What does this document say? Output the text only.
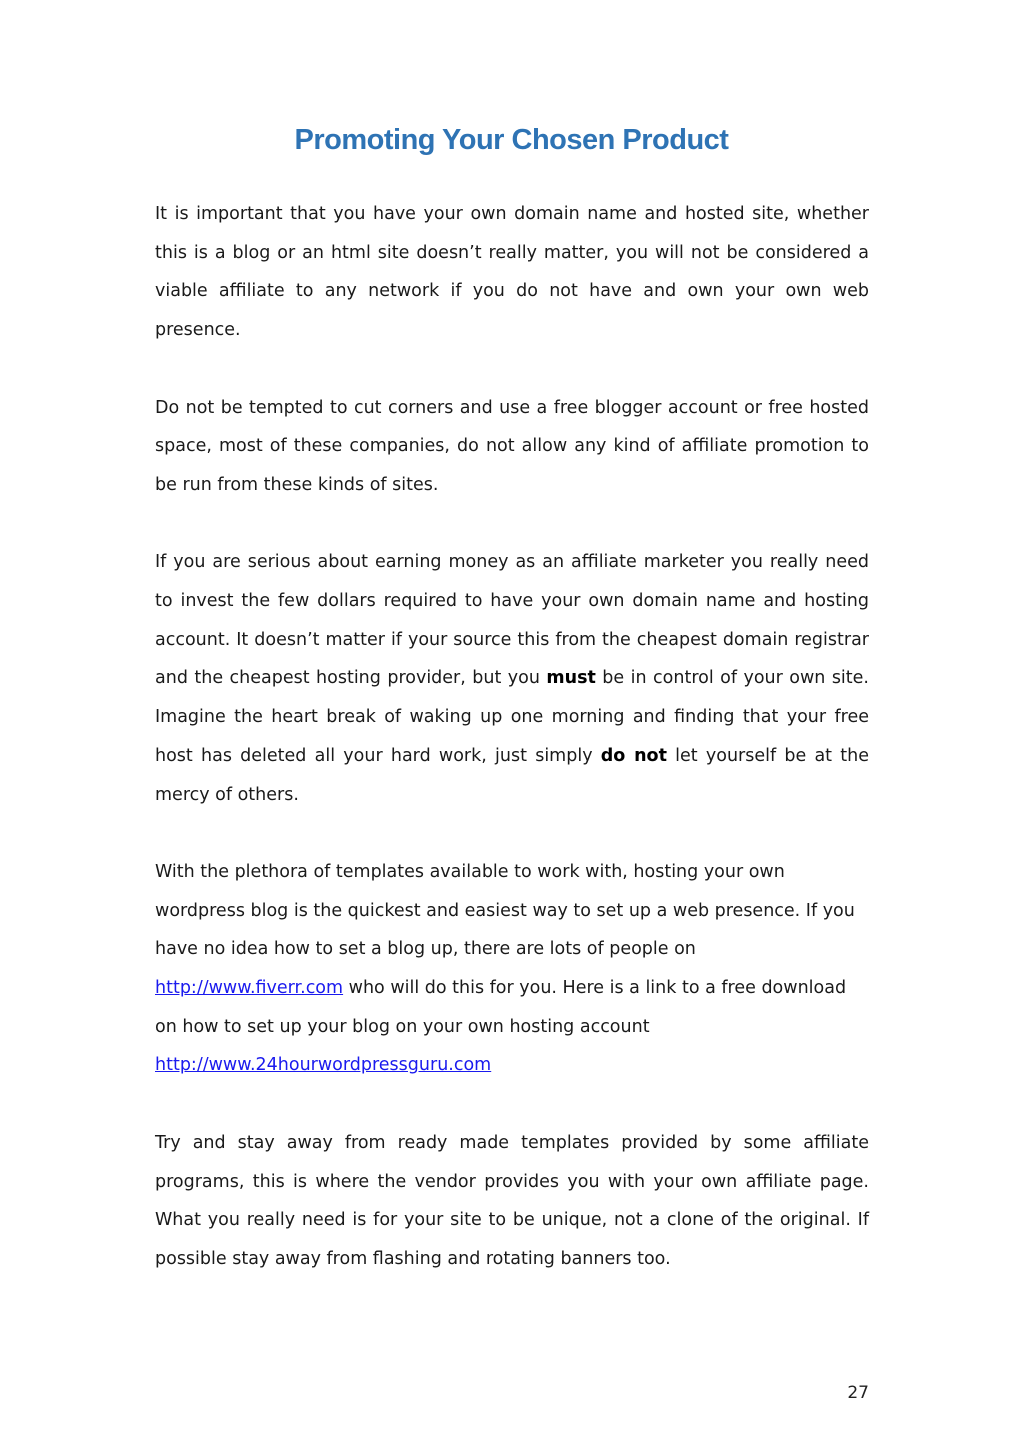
Promoting Your Chosen Product

It is important that you have your own domain name and hosted site, whether this is a blog or an html site doesn’t really matter, you will not be considered a viable affiliate to any network if you do not have and own your own web presence.

Do not be tempted to cut corners and use a free blogger account or free hosted space, most of these companies, do not allow any kind of affiliate promotion to be run from these kinds of sites.

If you are serious about earning money as an affiliate marketer you really need to invest the few dollars required to have your own domain name and hosting account. It doesn’t matter if your source this from the cheapest domain registrar and the cheapest hosting provider, but you must be in control of your own site. Imagine the heart break of waking up one morning and finding that your free host has deleted all your hard work, just simply do not let yourself be at the mercy of others.

With the plethora of templates available to work with, hosting your own wordpress blog is the quickest and easiest way to set up a web presence. If you have no idea how to set a blog up, there are lots of people on
http://www.fiverr.com who will do this for you. Here is a link to a free download on how to set up your blog on your own hosting account
http://www.24hourwordpressguru.com

Try and stay away from ready made templates provided by some affiliate programs, this is where the vendor provides you with your own affiliate page. What you really need is for your site to be unique, not a clone of the original. If possible stay away from flashing and rotating banners too.

27
